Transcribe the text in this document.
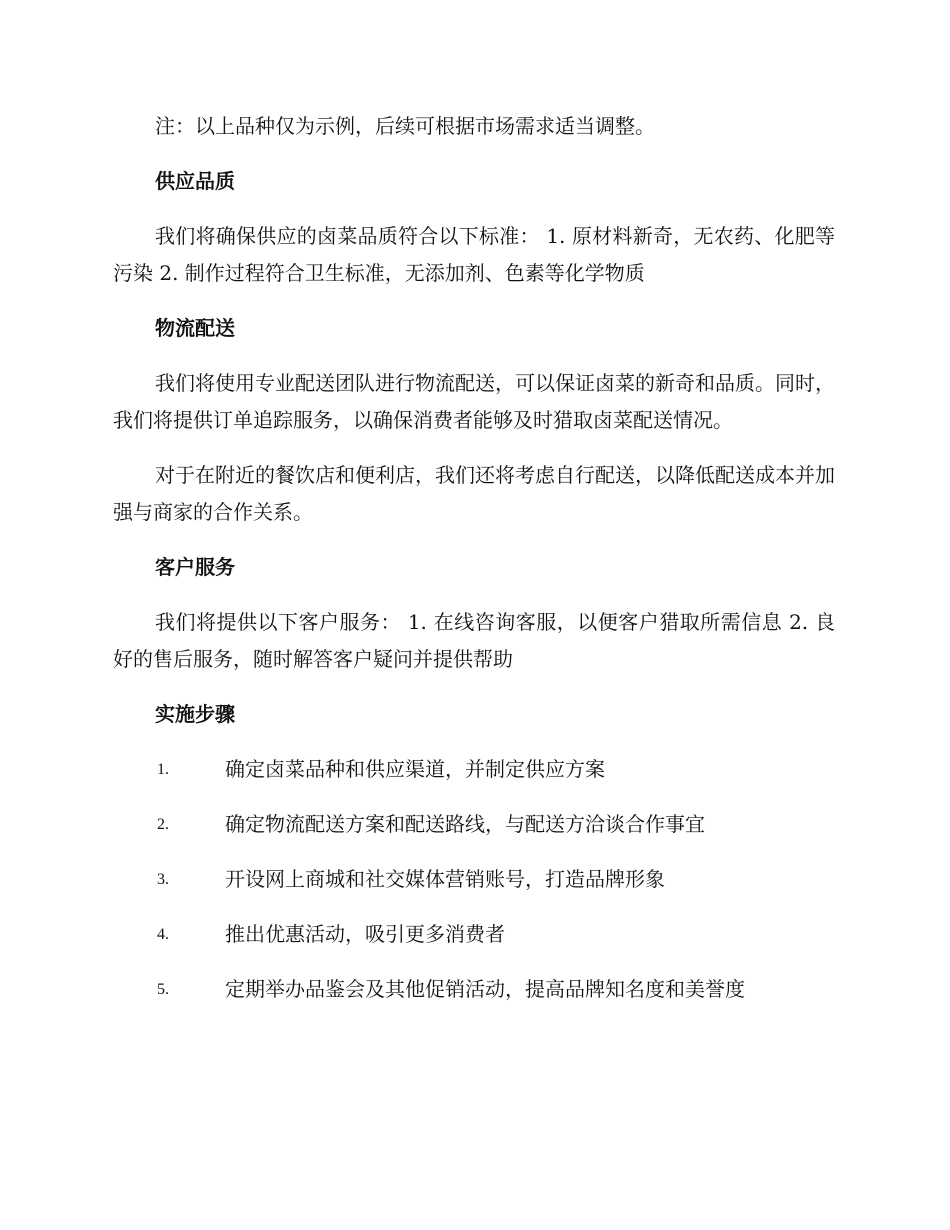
注：以上品种仅为示例，后续可根据市场需求适当调整。

供应品质

我们将确保供应的卤菜品质符合以下标准： 1. 原材料新奇，无农药、化肥等污染 2. 制作过程符合卫生标准，无添加剂、色素等化学物质

物流配送

我们将使用专业配送团队进行物流配送，可以保证卤菜的新奇和品质。同时，我们将提供订单追踪服务，以确保消费者能够及时猎取卤菜配送情况。

对于在附近的餐饮店和便利店，我们还将考虑自行配送，以降低配送成本并加强与商家的合作关系。

客户服务

我们将提供以下客户服务： 1. 在线咨询客服，以便客户猎取所需信息 2. 良好的售后服务，随时解答客户疑问并提供帮助

实施步骤
1.	确定卤菜品种和供应渠道，并制定供应方案
2.	确定物流配送方案和配送路线，与配送方洽谈合作事宜
3.	开设网上商城和社交媒体营销账号，打造品牌形象
4.	推出优惠活动，吸引更多消费者
5.	定期举办品鉴会及其他促销活动，提高品牌知名度和美誉度
